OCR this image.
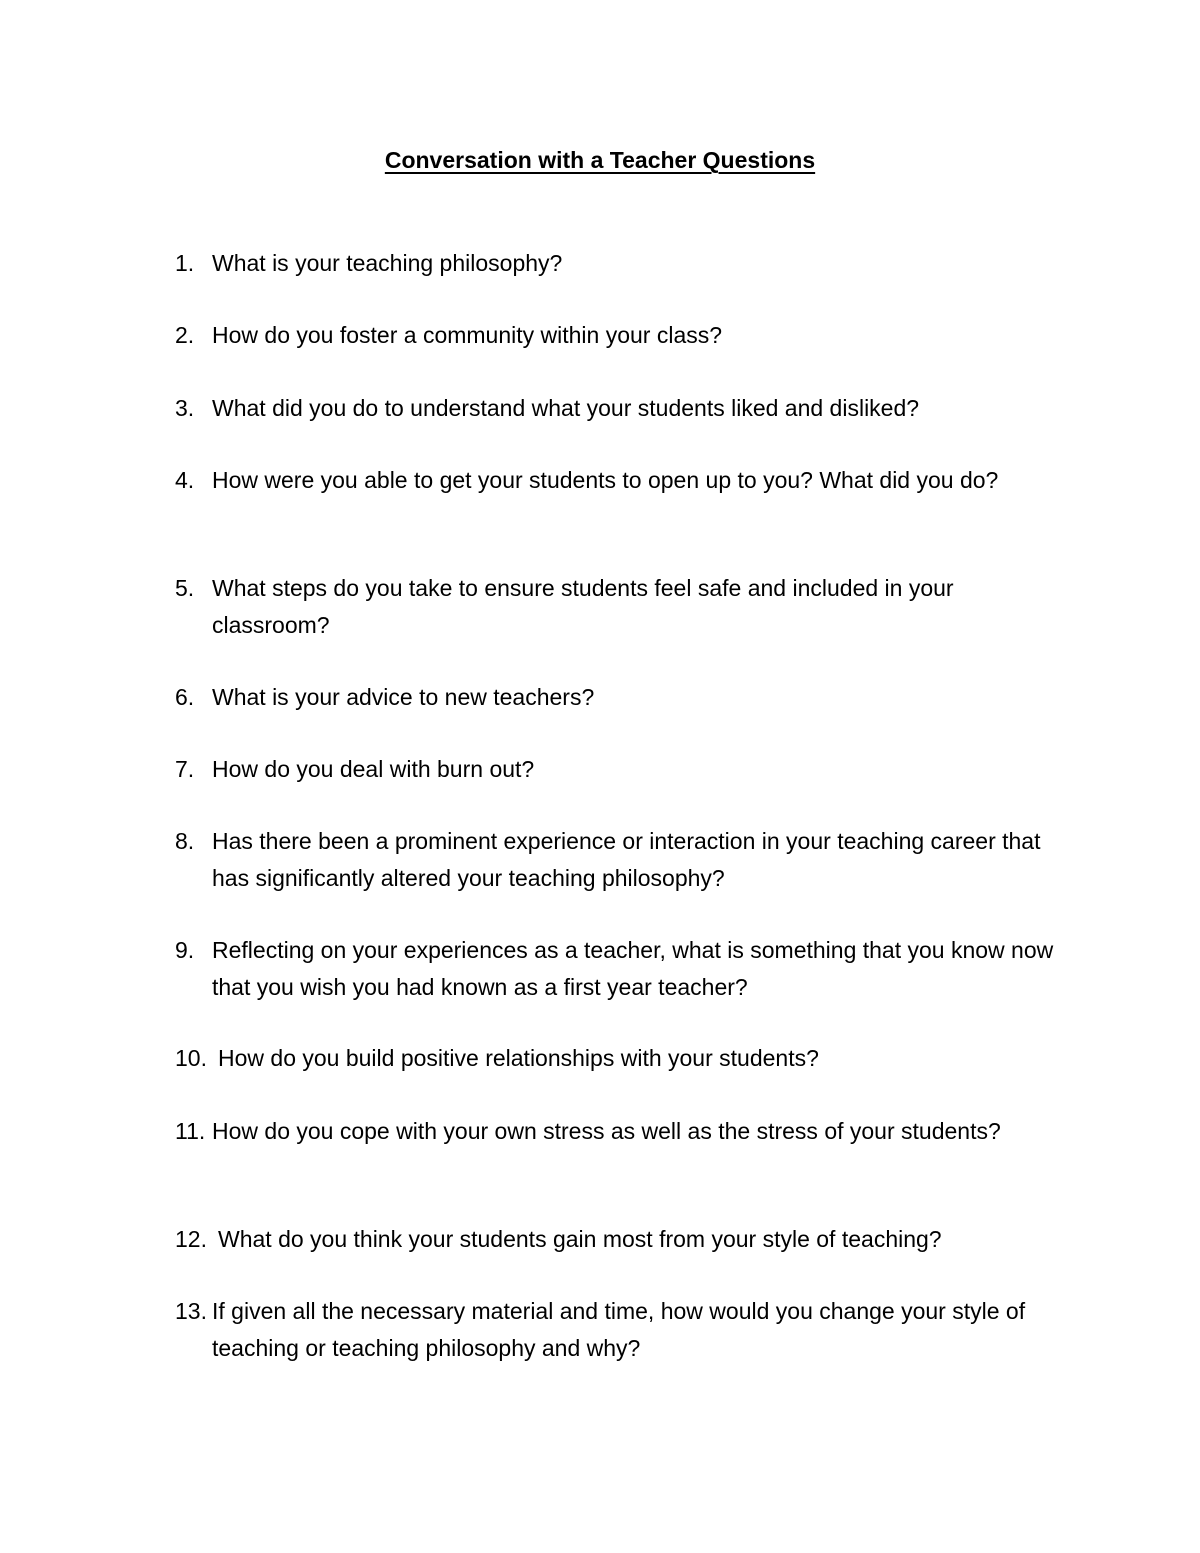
Conversation with a Teacher Questions
1. What is your teaching philosophy?
2. How do you foster a community within your class?
3. What did you do to understand what your students liked and disliked?
4. How were you able to get your students to open up to you? What did you do?
5. What steps do you take to ensure students feel safe and included in your classroom?
6. What is your advice to new teachers?
7. How do you deal with burn out?
8. Has there been a prominent experience or interaction in your teaching career that has significantly altered your teaching philosophy?
9. Reflecting on your experiences as a teacher, what is something that you know now that you wish you had known as a first year teacher?
10. How do you build positive relationships with your students?
11. How do you cope with your own stress as well as the stress of your students?
12. What do you think your students gain most from your style of teaching?
13. If given all the necessary material and time, how would you change your style of teaching or teaching philosophy and why?
